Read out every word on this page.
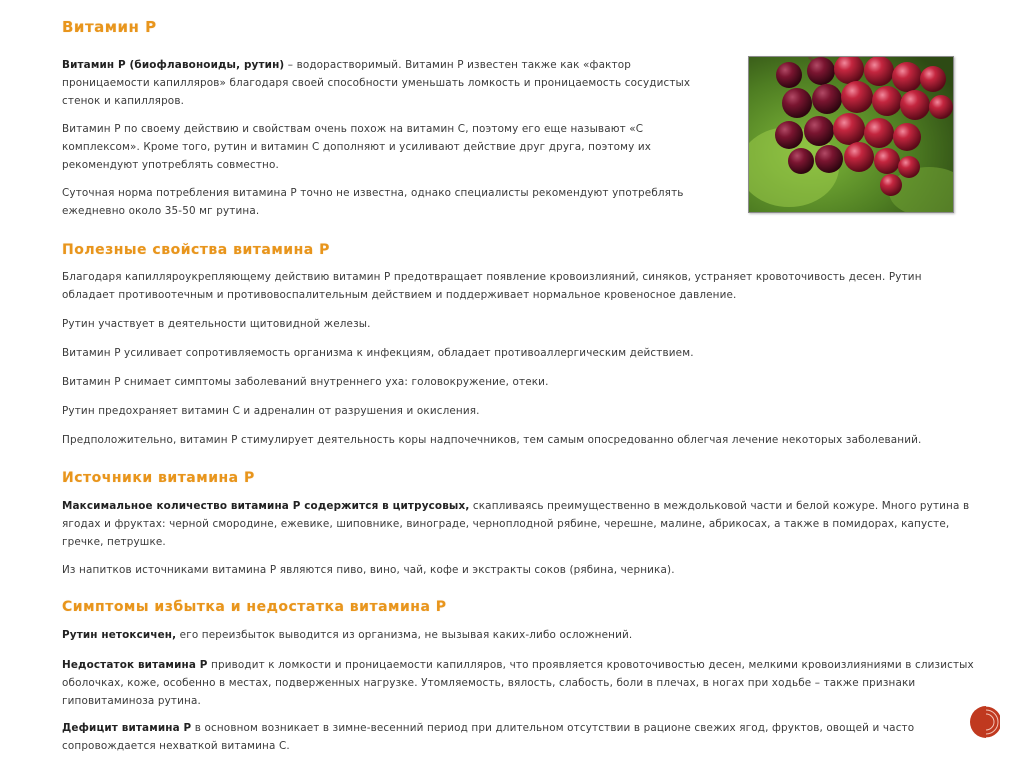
Витамин Р

Витамин Р (биофлавоноиды, рутин) – водорастворимый. Витамин Р известен также как «фактор проницаемости капилляров» благодаря своей способности уменьшать ломкость и проницаемость сосудистых стенок и капилляров.

Витамин Р по своему действию и свойствам очень похож на витамин С, поэтому его еще называют «С комплексом». Кроме того, рутин и витамин С дополняют и усиливают действие друг друга, поэтому их рекомендуют употреблять совместно.

Суточная норма потребления витамина Р точно не известна, однако специалисты рекомендуют употреблять ежедневно около 35-50 мг рутина.

Полезные свойства витамина Р

Благодаря капилляроукрепляющему действию витамин Р предотвращает появление кровоизлияний, синяков, устраняет кровоточивость десен. Рутин обладает противоотечным и противовоспалительным действием и поддерживает нормальное кровеносное давление.

Рутин участвует в деятельности щитовидной железы.

Витамин Р усиливает сопротивляемость организма к инфекциям, обладает противоаллергическим действием.

Витамин Р снимает симптомы заболеваний внутреннего уха: головокружение, отеки.

Рутин предохраняет витамин С и адреналин от разрушения и окисления.

Предположительно, витамин Р стимулирует деятельность коры надпочечников, тем самым опосредованно облегчая лечение некоторых заболеваний.

Источники витамина Р

Максимальное количество витамина Р содержится в цитрусовых, скапливаясь преимущественно в междольковой части и белой кожуре. Много рутина в ягодах и фруктах: черной смородине, ежевике, шиповнике, винограде, черноплодной рябине, черешне, малине, абрикосах, а также в помидорах, капусте, гречке, петрушке.

Из напитков источниками витамина Р являются пиво, вино, чай, кофе и экстракты соков (рябина, черника).

Симптомы избытка и недостатка витамина Р

Рутин нетоксичен, его переизбыток выводится из организма, не вызывая каких-либо осложнений.

Недостаток витамина Р приводит к ломкости и проницаемости капилляров, что проявляется кровоточивостью десен, мелкими кровоизлияниями в слизистых оболочках, коже, особенно в местах, подверженных нагрузке. Утомляемость, вялость, слабость, боли в плечах, в ногах при ходьбе – также признаки гиповитаминоза рутина.

Дефицит витамина Р в основном возникает в зимне-весенний период при длительном отсутствии в рационе свежих ягод, фруктов, овощей и часто сопровождается нехваткой витамина С.
